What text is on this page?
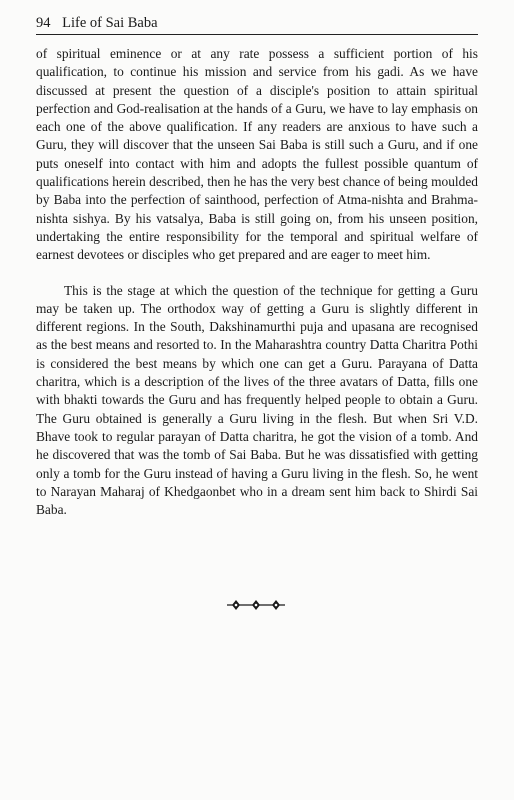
94 Life of Sai Baba

of spiritual eminence or at any rate possess a sufficient portion of his qualification, to continue his mission and service from his gadi. As we have discussed at present the question of a disciple's position to attain spiritual perfection and God-realisation at the hands of a Guru, we have to lay emphasis on each one of the above qualification. If any readers are anxious to have such a Guru, they will discover that the unseen Sai Baba is still such a Guru, and if one puts oneself into contact with him and adopts the fullest possible quantum of qualifications herein described, then he has the very best chance of being moulded by Baba into the perfection of sainthood, perfection of Atma-nishta and Brahma-nishta sishya. By his vatsalya, Baba is still going on, from his unseen position, undertaking the entire responsibility for the temporal and spiritual welfare of earnest devotees or disciples who get prepared and are eager to meet him.

This is the stage at which the question of the technique for getting a Guru may be taken up. The orthodox way of getting a Guru is slightly different in different regions. In the South, Dakshinamurthi puja and upasana are recognised as the best means and resorted to. In the Maharashtra country Datta Charitra Pothi is considered the best means by which one can get a Guru. Parayana of Datta charitra, which is a description of the lives of the three avatars of Datta, fills one with bhakti towards the Guru and has frequently helped people to obtain a Guru. The Guru obtained is generally a Guru living in the flesh. But when Sri V.D. Bhave took to regular parayan of Datta charitra, he got the vision of a tomb. And he discovered that was the tomb of Sai Baba. But he was dissatisfied with getting only a tomb for the Guru instead of having a Guru living in the flesh. So, he went to Narayan Maharaj of Khedgaonbet who in a dream sent him back to Shirdi Sai Baba.
